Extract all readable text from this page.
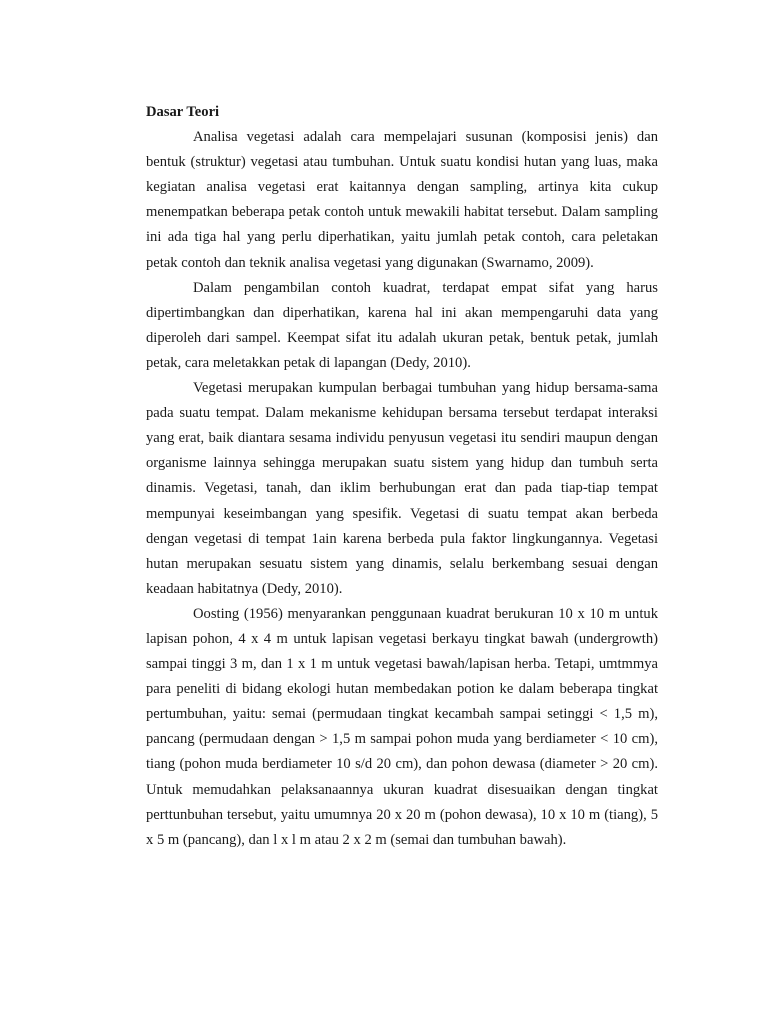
Dasar Teori

Analisa vegetasi adalah cara mempelajari susunan (komposisi jenis) dan bentuk (struktur) vegetasi atau tumbuhan. Untuk suatu kondisi hutan yang luas, maka kegiatan analisa vegetasi erat kaitannya dengan sampling, artinya kita cukup menempatkan beberapa petak contoh untuk mewakili habitat tersebut. Dalam sampling ini ada tiga hal yang perlu diperhatikan, yaitu jumlah petak contoh, cara peletakan petak contoh dan teknik analisa vegetasi yang digunakan (Swarnamo, 2009).

Dalam pengambilan contoh kuadrat, terdapat empat sifat yang harus dipertimbangkan dan diperhatikan, karena hal ini akan mempengaruhi data yang diperoleh dari sampel. Keempat sifat itu adalah ukuran petak, bentuk petak, jumlah petak, cara meletakkan petak di lapangan (Dedy, 2010).

Vegetasi merupakan kumpulan berbagai tumbuhan yang hidup bersama-sama pada suatu tempat. Dalam mekanisme kehidupan bersama tersebut terdapat interaksi yang erat, baik diantara sesama individu penyusun vegetasi itu sendiri maupun dengan organisme lainnya sehingga merupakan suatu sistem yang hidup dan tumbuh serta dinamis. Vegetasi, tanah, dan iklim berhubungan erat dan pada tiap-tiap tempat mempunyai keseimbangan yang spesifik. Vegetasi di suatu tempat akan berbeda dengan vegetasi di tempat 1ain karena berbeda pula faktor lingkungannya. Vegetasi hutan merupakan sesuatu sistem yang dinamis, selalu berkembang sesuai dengan keadaan habitatnya (Dedy, 2010).

Oosting (1956) menyarankan penggunaan kuadrat berukuran 10 x 10 m untuk lapisan pohon, 4 x 4 m untuk lapisan vegetasi berkayu tingkat bawah (undergrowth) sampai tinggi 3 m, dan 1 x 1 m untuk vegetasi bawah/lapisan herba. Tetapi, umtmmya para peneliti di bidang ekologi hutan membedakan potion ke dalam beberapa tingkat pertumbuhan, yaitu: semai (permudaan tingkat kecambah sampai setinggi < 1,5 m), pancang (permudaan dengan > 1,5 m sampai pohon muda yang berdiameter < 10 cm), tiang (pohon muda berdiameter 10 s/d 20 cm), dan pohon dewasa (diameter > 20 cm). Untuk memudahkan pelaksanaannya ukuran kuadrat disesuaikan dengan tingkat perttunbuhan tersebut, yaitu umumnya 20 x 20 m (pohon dewasa), 10 x 10 m (tiang), 5 x 5 m (pancang), dan l x l m atau 2 x 2 m (semai dan tumbuhan bawah).
